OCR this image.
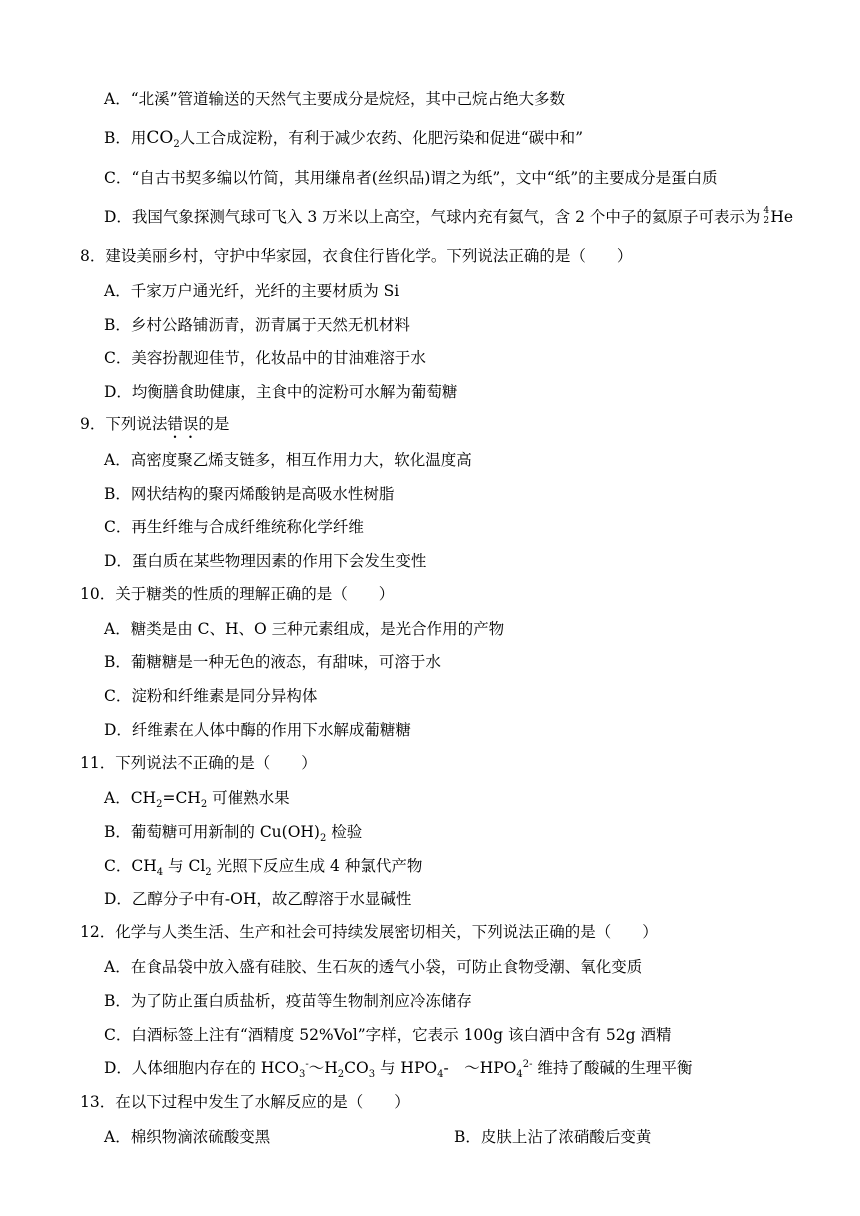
A．“北溪”管道输送的天然气主要成分是烷烃，其中己烷占绝大多数
B．用$CO_2$人工合成淀粉，有利于减少农药、化肥污染和促进“碳中和”
C．“自古书契多编以竹简，其用缣帛者(丝织品)谓之为纸”，文中“纸”的主要成分是蛋白质
D．我国气象探测气球可飞入 3 万米以上高空，气球内充有氦气，含 2 个中子的氦原子可表示为 4
2 He
8．建设美丽乡村，守护中华家园，衣食住行皆化学。下列说法正确的是（　　）
A．千家万户通光纤，光纤的主要材质为 Si
B．乡村公路铺沥青，沥青属于天然无机材料
C．美容扮靓迎佳节，化妆品中的甘油难溶于水
D．均衡膳食助健康，主食中的淀粉可水解为葡萄糖
9．下列说法错误的是
A．高密度聚乙烯支链多，相互作用力大，软化温度高
B．网状结构的聚丙烯酸钠是高吸水性树脂
C．再生纤维与合成纤维统称化学纤维
D．蛋白质在某些物理因素的作用下会发生变性
10．关于糖类的性质的理解正确的是（　　）
A．糖类是由 C、H、O 三种元素组成，是光合作用的产物
B．葡糖糖是一种无色的液态，有甜味，可溶于水
C．淀粉和纤维素是同分异构体
D．纤维素在人体中酶的作用下水解成葡糖糖
11．下列说法不正确的是（　　）
A．$CH_2=CH_2$ 可催熟水果
B．葡萄糖可用新制的 $Cu(OH)_2$ 检验
C．$CH_4$ 与 $Cl_2$ 光照下反应生成 4 种氯代产物
D．乙醇分子中有-OH，故乙醇溶于水显碱性
12．化学与人类生活、生产和社会可持续发展密切相关，下列说法正确的是（　　）
A．在食品袋中放入盛有硅胶、生石灰的透气小袋，可防止食物受潮、氧化变质
B．为了防止蛋白质盐析，疫苗等生物制剂应冷冻储存
C．白酒标签上注有“酒精度 52%Vol”字样，它表示 100g 该白酒中含有 52g 酒精
D．人体细胞内存在的 $HCO_3^-\sim H_2CO_3$ 与 $HPO_4-$　$\sim HPO_4^{2-}$ 维持了酸碱的生理平衡
13．在以下过程中发生了水解反应的是（　　）
A．棉织物滴浓硫酸变黑	B．皮肤上沾了浓硝酸后变黄
